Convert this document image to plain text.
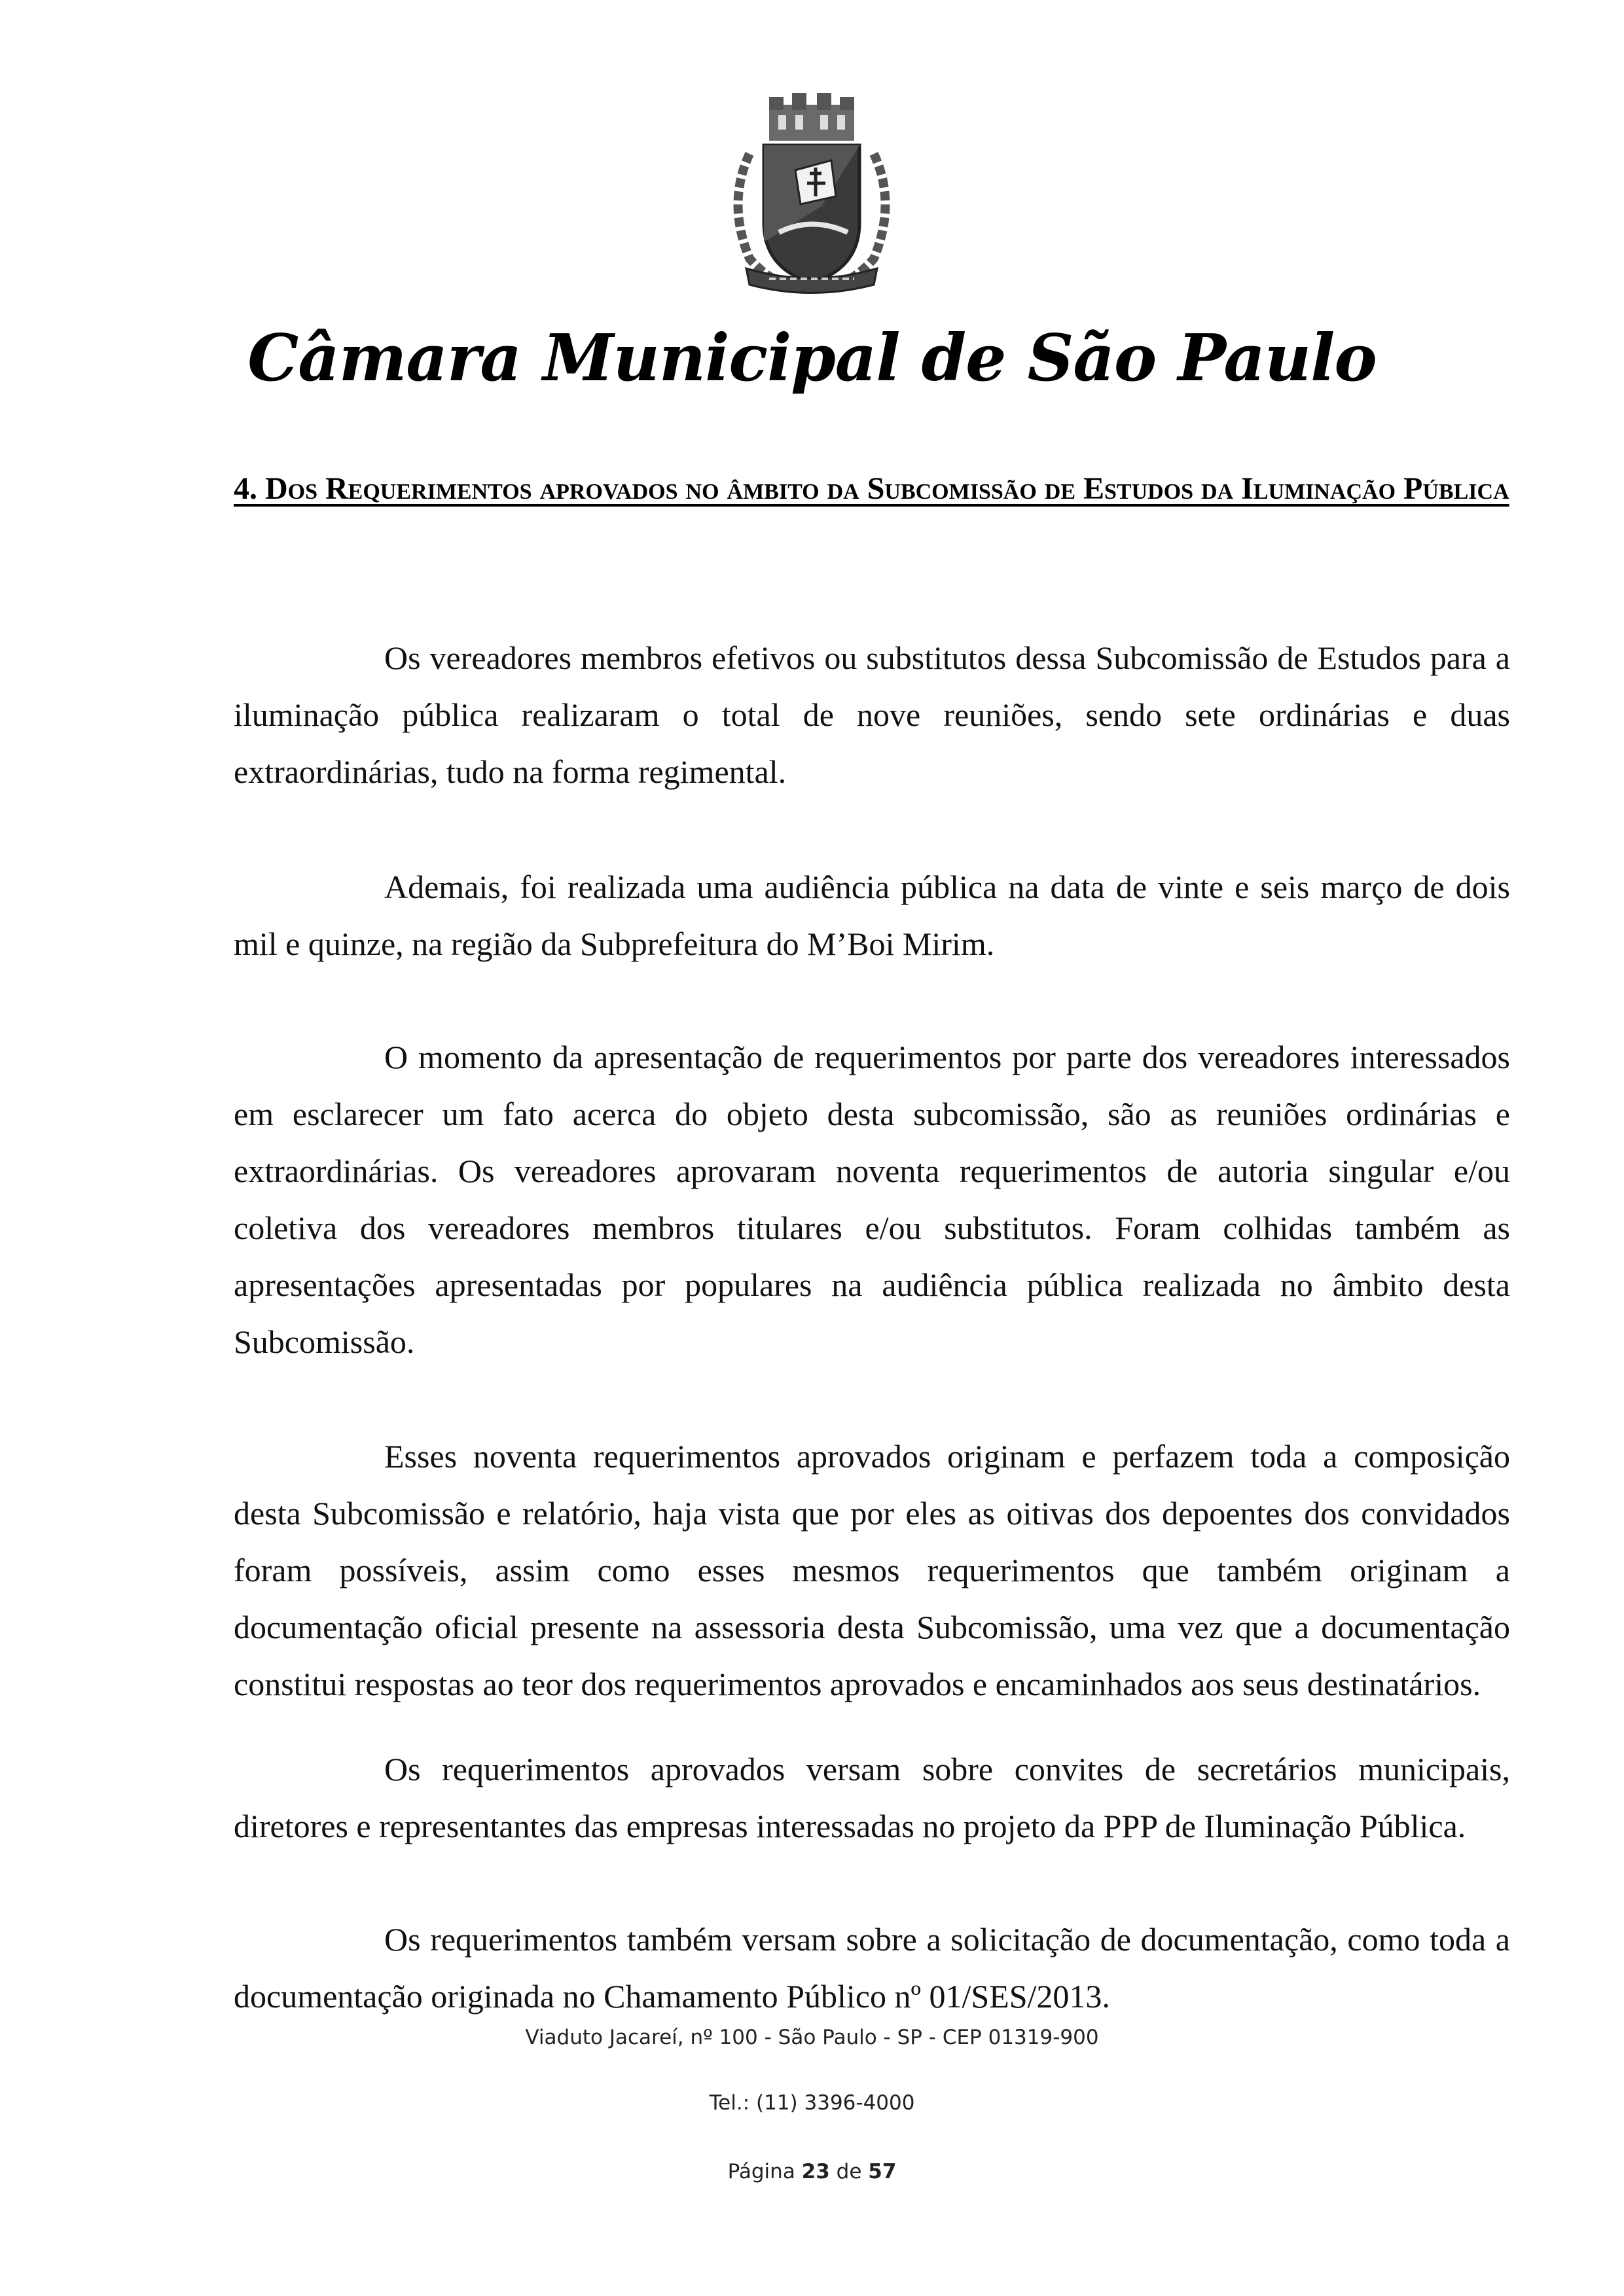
Câmara Municipal de São Paulo
4. Dos Requerimentos aprovados no âmbito da Subcomissão de Estudos da Iluminação Pública

Os vereadores membros efetivos ou substitutos dessa Subcomissão de Estudos para a iluminação pública realizaram o total de nove reuniões, sendo sete ordinárias e duas extraordinárias, tudo na forma regimental.

Ademais, foi realizada uma audiência pública na data de vinte e seis março de dois mil e quinze, na região da Subprefeitura do M’Boi Mirim.

O momento da apresentação de requerimentos por parte dos vereadores interessados em esclarecer um fato acerca do objeto desta subcomissão, são as reuniões ordinárias e extraordinárias. Os vereadores aprovaram noventa requerimentos de autoria singular e/ou coletiva dos vereadores membros titulares e/ou substitutos. Foram colhidas também as apresentações apresentadas por populares na audiência pública realizada no âmbito desta Subcomissão.

Esses noventa requerimentos aprovados originam e perfazem toda a composição desta Subcomissão e relatório, haja vista que por eles as oitivas dos depoentes dos convidados foram possíveis, assim como esses mesmos requerimentos que também originam a documentação oficial presente na assessoria desta Subcomissão, uma vez que a documentação constitui respostas ao teor dos requerimentos aprovados e encaminhados aos seus destinatários.

Os requerimentos aprovados versam sobre convites de secretários municipais, diretores e representantes das empresas interessadas no projeto da PPP de Iluminação Pública.

Os requerimentos também versam sobre a solicitação de documentação, como toda a documentação originada no Chamamento Público nº 01/SES/2013.

Viaduto Jacareí, nº 100 - São Paulo - SP - CEP 01319-900
Tel.: (11) 3396-4000
Página 23 de 57
